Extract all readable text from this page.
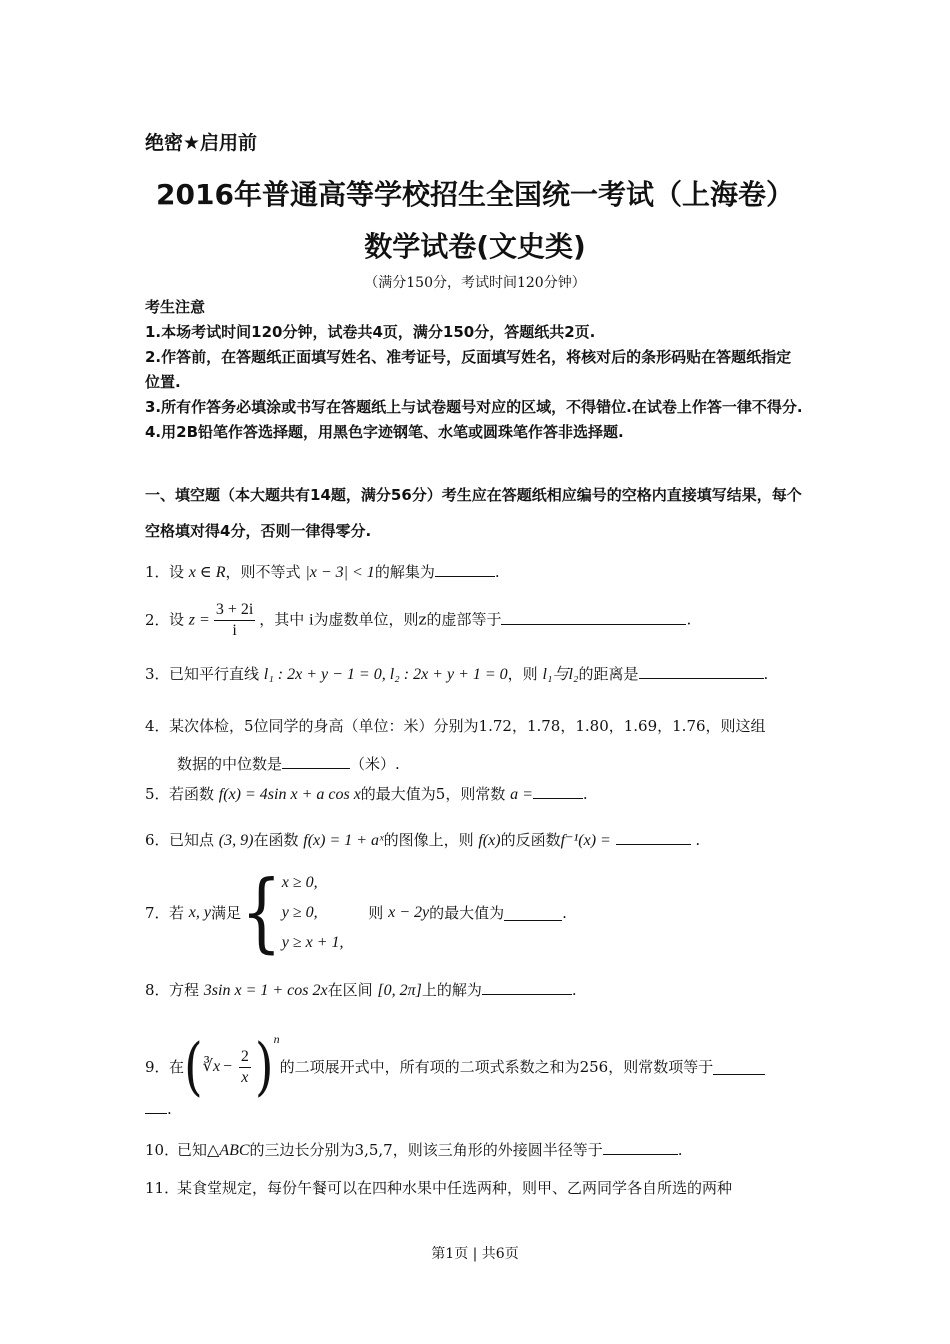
绝密★启用前
2016年普通高等学校招生全国统一考试（上海卷）
数学试卷(文史类)
（满分150分，考试时间120分钟）
考生注意
1.本场考试时间120分钟，试卷共4页，满分150分，答题纸共2页.
2.作答前，在答题纸正面填写姓名、准考证号，反面填写姓名，将核对后的条形码贴在答题纸指定位置.
3.所有作答务必填涂或书写在答题纸上与试卷题号对应的区域，不得错位.在试卷上作答一律不得分.
4.用2B铅笔作答选择题，用黑色字迹钢笔、水笔或圆珠笔作答非选择题.
一、填空题（本大题共有14题，满分56分）考生应在答题纸相应编号的空格内直接填写结果，每个空格填对得4分，否则一律得零分.
1．设 x ∈ R，则不等式 |x − 3| < 1的解集为	.
2．设 $z = \frac{3 + 2i}{i}$ ，其中 i为虚数单位，则z的虚部等于	.
3．已知平行直线 l₁ : 2x + y − 1 = 0, l₂ : 2x + y + 1 = 0，则 l₁与l₂的距离是	.
4．某次体检，5位同学的身高（单位：米）分别为1.72，1.78，1.80，1.69，1.76，则这组
数据的中位数是	（米）.
5．若函数 f(x) = 4sin x + a cos x的最大值为5，则常数 a =	.
6．已知点 (3, 9)在函数 f(x) = 1 + aˣ的图像上，则 f(x)的反函数f⁻¹(x) =	.
7．若 x, y满足{ x ≥ 0,
y ≥ 0,
y ≥ x + 1,
则 x − 2y的最大值为	.
8．方程 3sin x = 1 + cos 2x在区间 [0, 2π]上的解为	.
9．在(∛x − $\frac{2}{x} )^n$的二项展开式中，所有项的二项式系数之和为256，则常数项等于
.
10．已知△ABC的三边长分别为3,5,7，则该三角形的外接圆半径等于	.
11．某食堂规定，每份午餐可以在四种水果中任选两种，则甲、乙两同学各自所选的两种
第1页 | 共6页
